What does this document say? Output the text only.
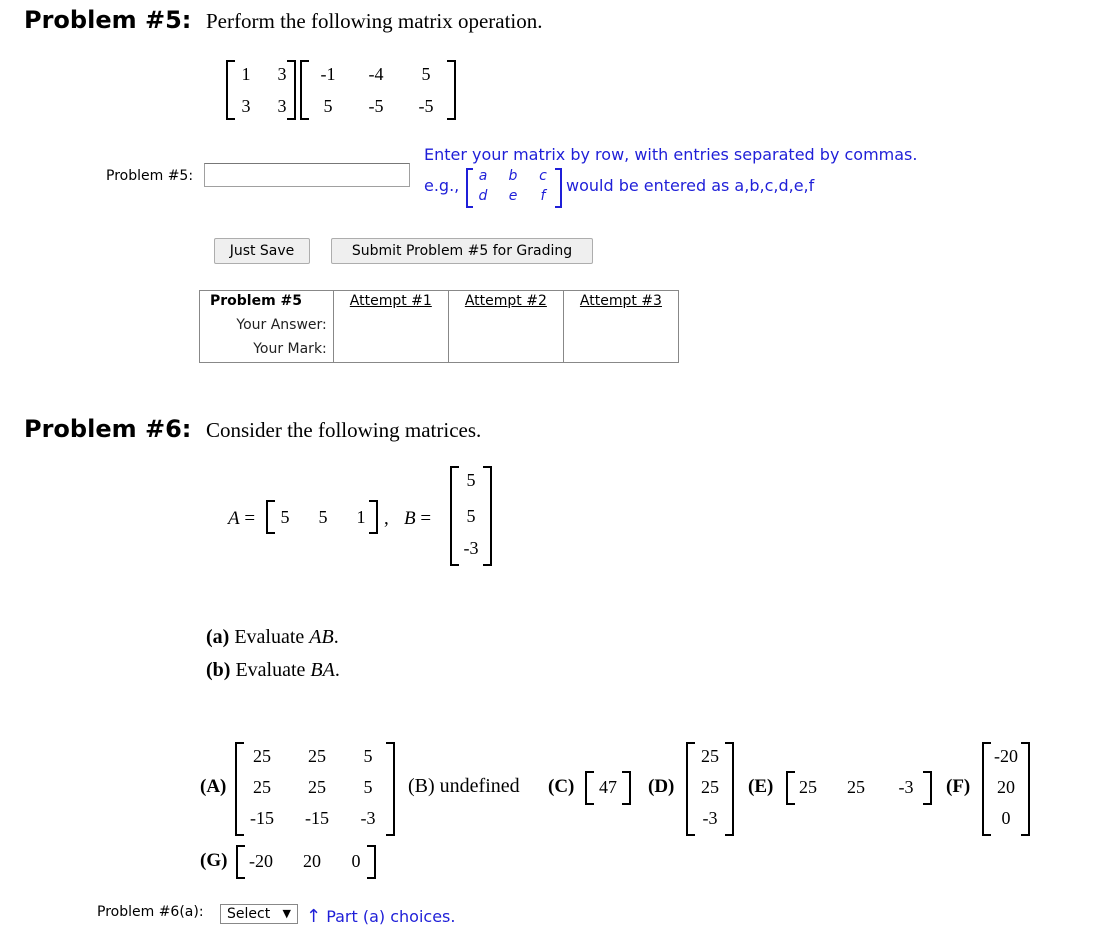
Problem #5: Perform the following matrix operation.
1 3
3 3
-1	-4	5
5	-5	-5
Problem #5:
Enter your matrix by row, with entries separated by commas.
e.g.,	a	b	c
d	e	f
would be entered as a,b,c,d,e,f
Just Save	Submit Problem #5 for Grading
Problem #5	Attempt #1	Attempt #2	Attempt #3
Your Answer:
Your Mark:
Problem #6: Consider the following matrices.
A = 5 5 1 , B =
5
5
-3
(a) Evaluate AB.
(b) Evaluate BA.
(A)
25	25	5
25	25	5
-15	-15	-3
(B) undefined (C)	47	(D)
25
25
-3
(E)	25	25	-3	(F)
-20
20
0
(G)	-20	20	0
Problem #6(a):	Select ▼ ↑ Part (a) choices.
